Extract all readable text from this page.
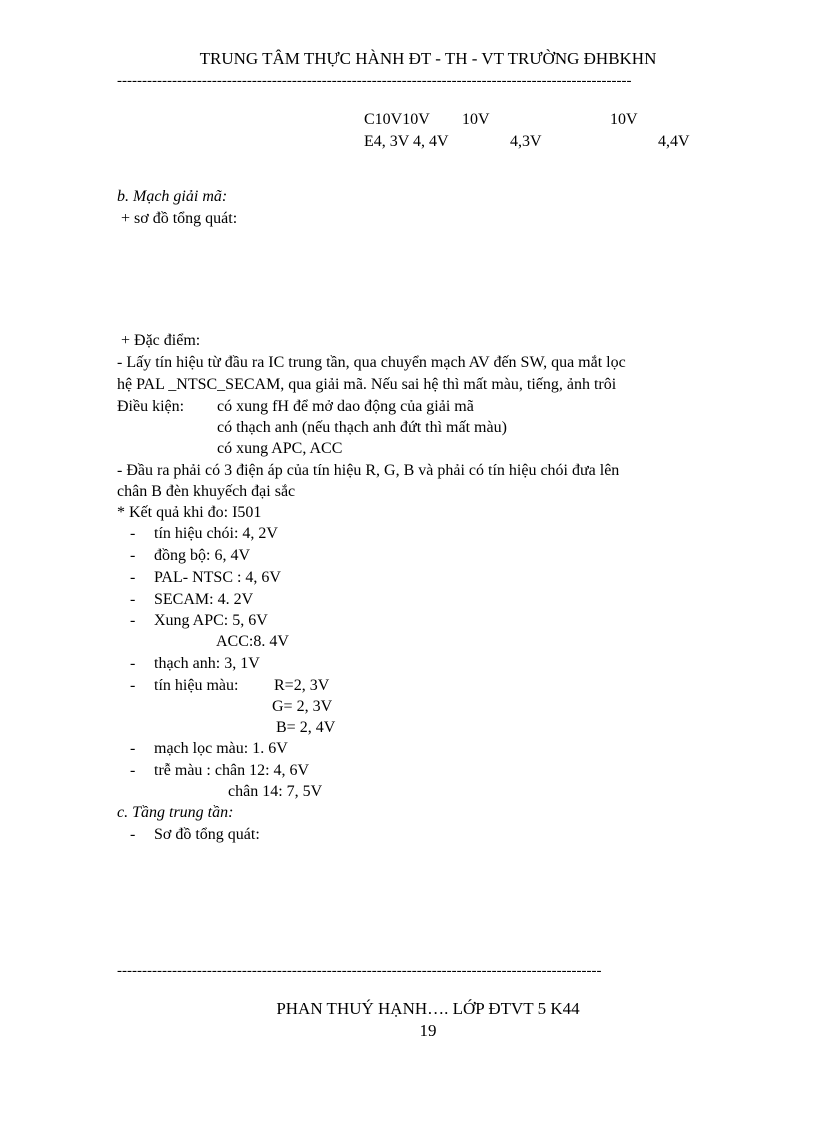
TRUNG TÂM THỰC HÀNH ĐT - TH - VT TRƯỜNG ĐHBKHN
-------------------------------------------------------------------------------------------------------
C10V10V 10V	10V
E4, 3V 4, 4V	4,3V	4,4V
b. Mạch giải mã:
+ sơ đồ tổng quát:
+ Đặc điểm:
- Lấy tín hiệu từ đầu ra IC trung tần, qua chuyển mạch AV đến SW, qua mắt lọc
hệ PAL _NTSC_SECAM, qua giải mã. Nếu sai hệ thì mất màu, tiếng, ảnh trôi
Điều kiện: có xung fH để mở dao động của giải mã
có thạch anh (nếu thạch anh đứt thì mất màu)
có xung APC, ACC
- Đầu ra phải có 3 điện áp của tín hiệu R, G, B và phải có tín hiệu chói đưa lên
chân B đèn khuyếch đại sắc
* Kết quả khi đo: I501
- tín hiệu chói: 4, 2V
- đồng bộ: 6, 4V
- PAL- NTSC : 4, 6V
- SECAM: 4. 2V
- Xung APC: 5, 6V
ACC:8. 4V
- thạch anh: 3, 1V
- tín hiệu màu: R=2, 3V
G= 2, 3V
B= 2, 4V
- mạch lọc màu: 1. 6V
- trễ màu : chân 12: 4, 6V
chân 14: 7, 5V
c. Tầng trung tần:
- Sơ đồ tổng quát:
-------------------------------------------------------------------------------------------------
PHAN THUÝ HẠNH…. LỚP ĐTVT 5 K44
19
